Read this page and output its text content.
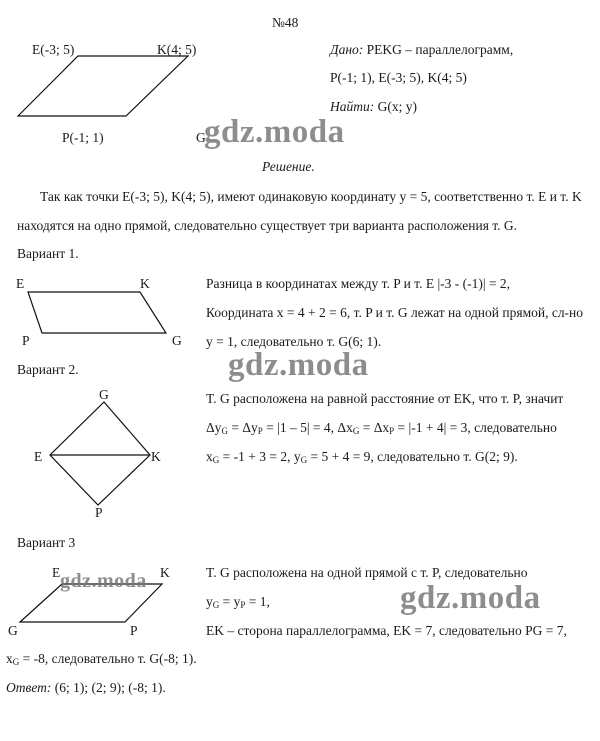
№48
E(-3; 5)	K(4; 5)
P(-1; 1)	G
Дано: PEKG – параллелограмм,
P(-1; 1), E(-3; 5), K(4; 5)
Найти: G(x; y)
Решение.
Так как точки E(-3; 5), K(4; 5), имеют одинаковую координату y = 5, соответственно т. E и т. K
находятся на одно прямой, следовательно существует три варианта расположения т. G.
Вариант 1.
E	K
P	G
Разница в координатах между т. P и т. E |-3 - (-1)| = 2,
Координата x = 4 + 2 = 6, т. P и т. G лежат на одной прямой, сл-но
y = 1, следовательно т. G(6; 1).
Вариант 2.
G
E	K
P
T. G расположена на равной расстояние от EK, что т. P, значит
$\Delta y_G = \Delta y_P = |1 - 5| = 4$, $\Delta x_G = \Delta x_P = |-1 + 4| = 3$, следовательно
$x_G = -1 + 3 = 2$, $y_G = 5 + 4 = 9$, следовательно т. G(2; 9).
Вариант 3
E	K
G	P
T. G расположена на одной прямой с т. P, следовательно
$y_G = y_P = 1$,
EK – сторона параллелограмма, EK = 7, следовательно PG = 7,
$x_G = -8$, следовательно т. G(-8; 1).
Ответ: (6; 1); (2; 9); (-8; 1).
gdz.moda
gdz.moda
gdz.moda
gdz.moda
